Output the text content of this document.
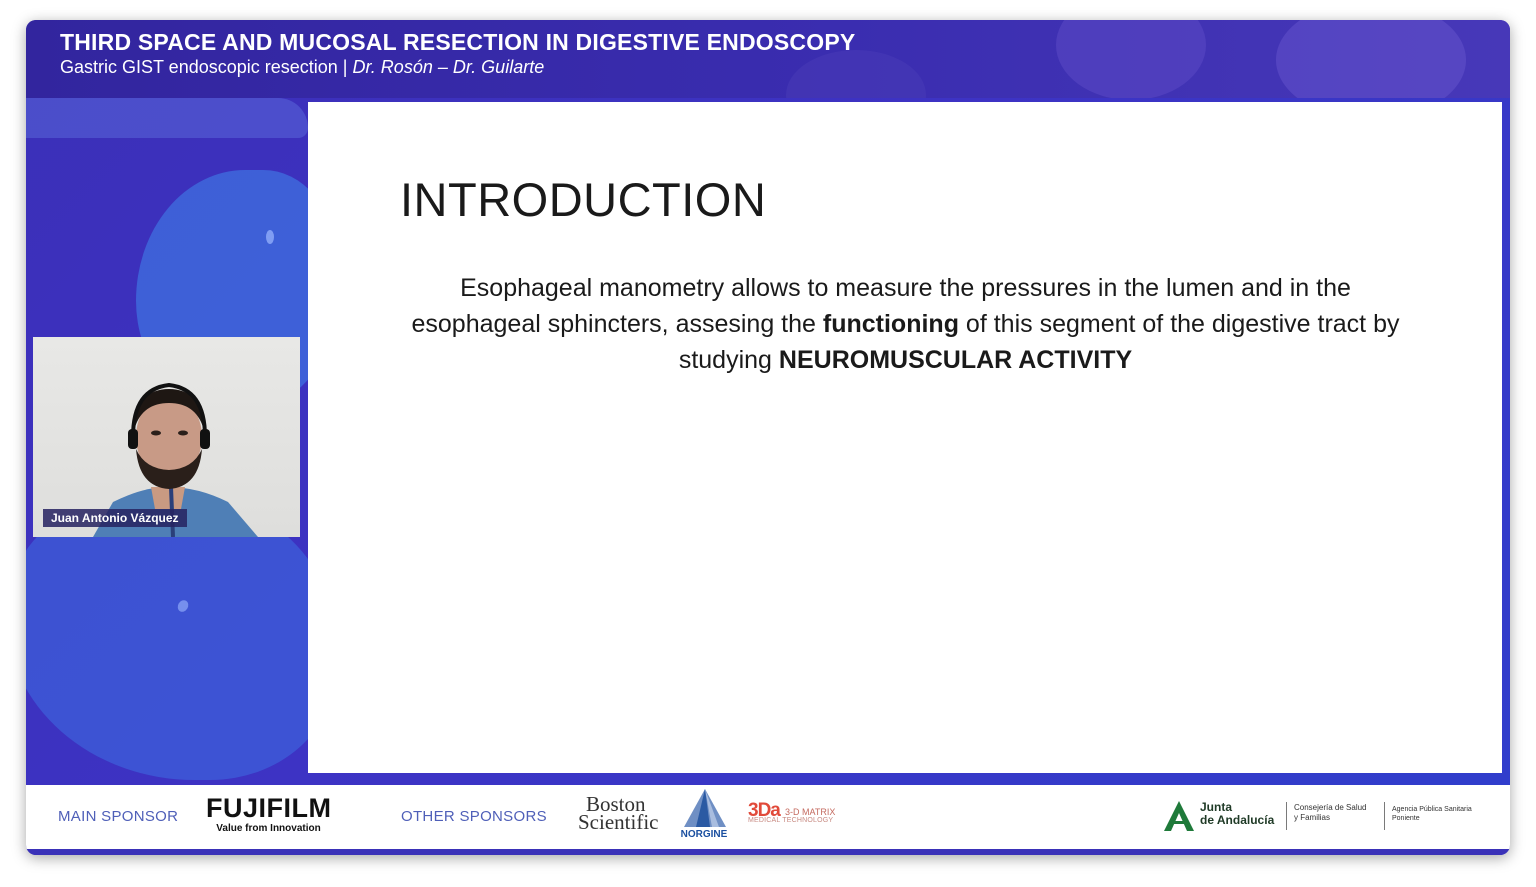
THIRD SPACE AND MUCOSAL RESECTION IN DIGESTIVE ENDOSCOPY
Gastric GIST endoscopic resection | Dr. Rosón – Dr. Guilarte
INTRODUCTION

Esophageal manometry allows to measure the pressures in the lumen and in the esophageal sphincters, assesing the functioning of this segment of the digestive tract by studying NEUROMUSCULAR ACTIVITY

Juan Antonio Vázquez
MAIN SPONSOR FUJIFILM
Value from Innovation
OTHER SPONSORS
Boston
Scientific
NORGINE
3Da 3-D MATRIX
MEDICAL TECHNOLOGY
Junta
de Andalucía
Consejería de Salud
y Familias
Agencia Pública Sanitaria
Poniente
